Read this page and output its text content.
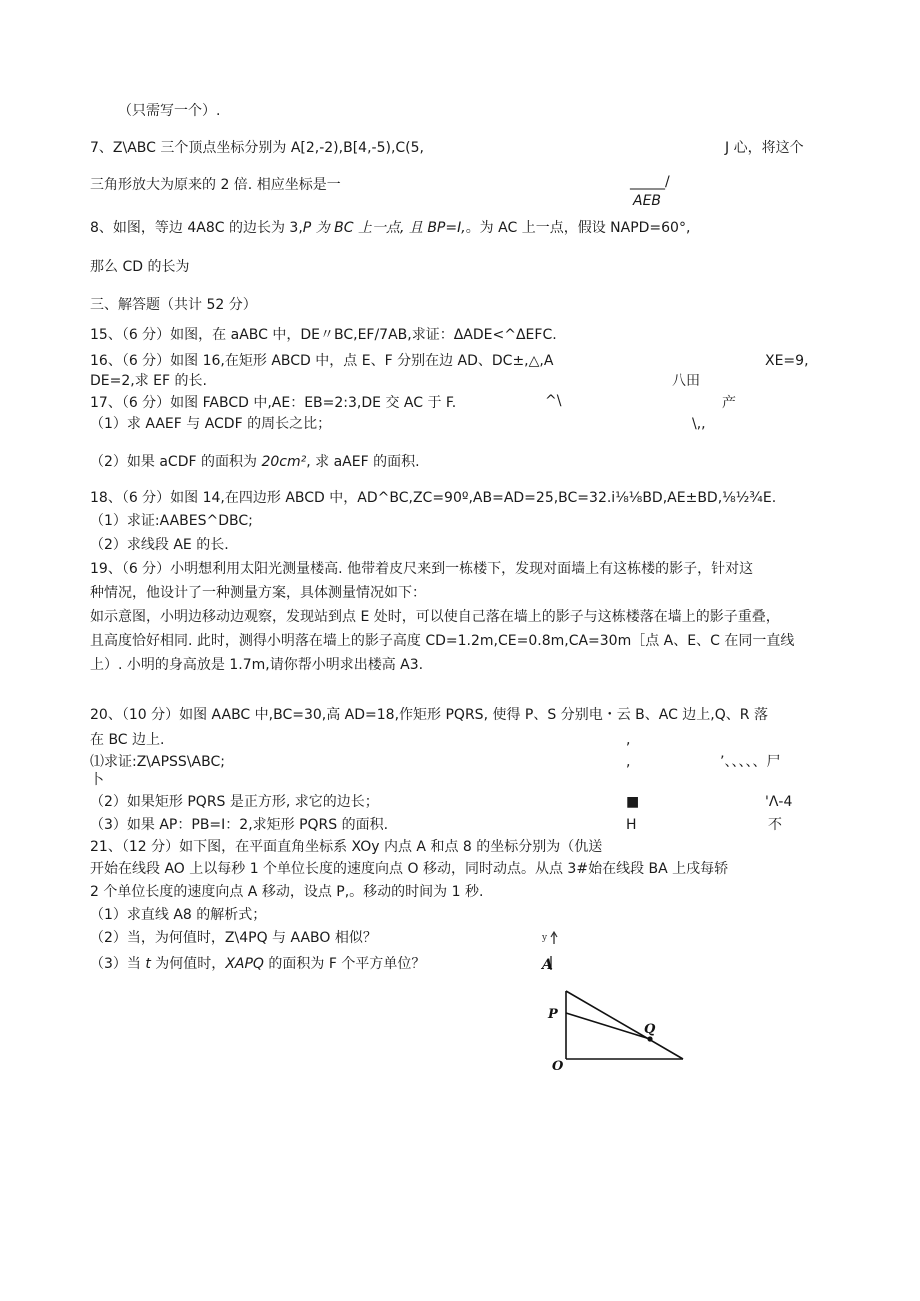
（只需写一个）.
7、Z\ABC 三个顶点坐标分别为 A[2,-2),B[4,-5),C(5,	J 心，将这个
三角形放大为原来的 2 倍. 相应坐标是一	_____/
AEB
8、如图，等边 4A8C 的边长为 3,P 为 BC 上一点, 且 BP=I,。为 AC 上一点，假设 NAPD=60°,
那么 CD 的长为
三、解答题（共计 52 分）
15、（6 分）如图，在 aABC 中，DE〃BC,EF/7AB,求证：ΔADE<^ΔEFC.
16、（6 分）如图 16,在矩形 ABCD 中，点 E、F 分别在边 AD、DC±,△,A	XE=9,
DE=2,求 EF 的长.	八田
17、（6 分）如图 FABCD 中,AE：EB=2:3,DE 交 AC 于 F.	^\	产
（1）求 AAEF 与 ACDF 的周长之比；	\,,
（2）如果 aCDF 的面积为 20cm², 求 aAEF 的面积.
18、（6 分）如图 14,在四边形 ABCD 中，AD^BC,ZC=90º,AB=AD=25,BC=32.i⅛⅛BD,AE±BD,⅛½¾E.
（1）求证:AABES^DBC;
（2）求线段 AE 的长.
19、（6 分）小明想利用太阳光测量楼高. 他带着皮尺来到一栋楼下，发现对面墙上有这栋楼的影子，针对这
种情况，他设计了一种测量方案，具体测量情况如下：
如示意图，小明边移动边观察，发现站到点 E 处时，可以使自己落在墙上的影子与这栋楼落在墙上的影子重叠，
且高度恰好相同. 此时，测得小明落在墙上的影子高度 CD=1.2m,CE=0.8m,CA=30m［点 A、E、C 在同一直线
上）. 小明的身高放是 1.7m,请你帮小明求出楼高 A3.
20、（10 分）如图 AABC 中,BC=30,高 AD=18,作矩形 PQRS, 使得 P、S 分别电・云 B、AC 边上,Q、R 落
在 BC 边上.	,
⑴求证:Z\APSS\ABC;	,	’、、、、、尸
卜
（2）如果矩形 PQRS 是正方形, 求它的边长；	■	'Λ-4
（3）如果 AP：PB=I：2,求矩形 PQRS 的面积.	H	不
21、（12 分）如下图，在平面直角坐标系 XOy 内点 A 和点 8 的坐标分别为（仇送
开始在线段 AO 上以每秒 1 个单位长度的速度向点 O 移动，同时动点。从点 3#始在线段 BA 上戌每轿
2 个单位长度的速度向点 A 移动，设点 P,。移动的时间为 1 秒.
（1）求直线 A8 的解析式；
（2）当，为何值时，Z\4PQ 与 AABO 相似？
（3）当 t 为何值时，XAPQ 的面积为 F 个平方单位？
y
A
P
Q
O
